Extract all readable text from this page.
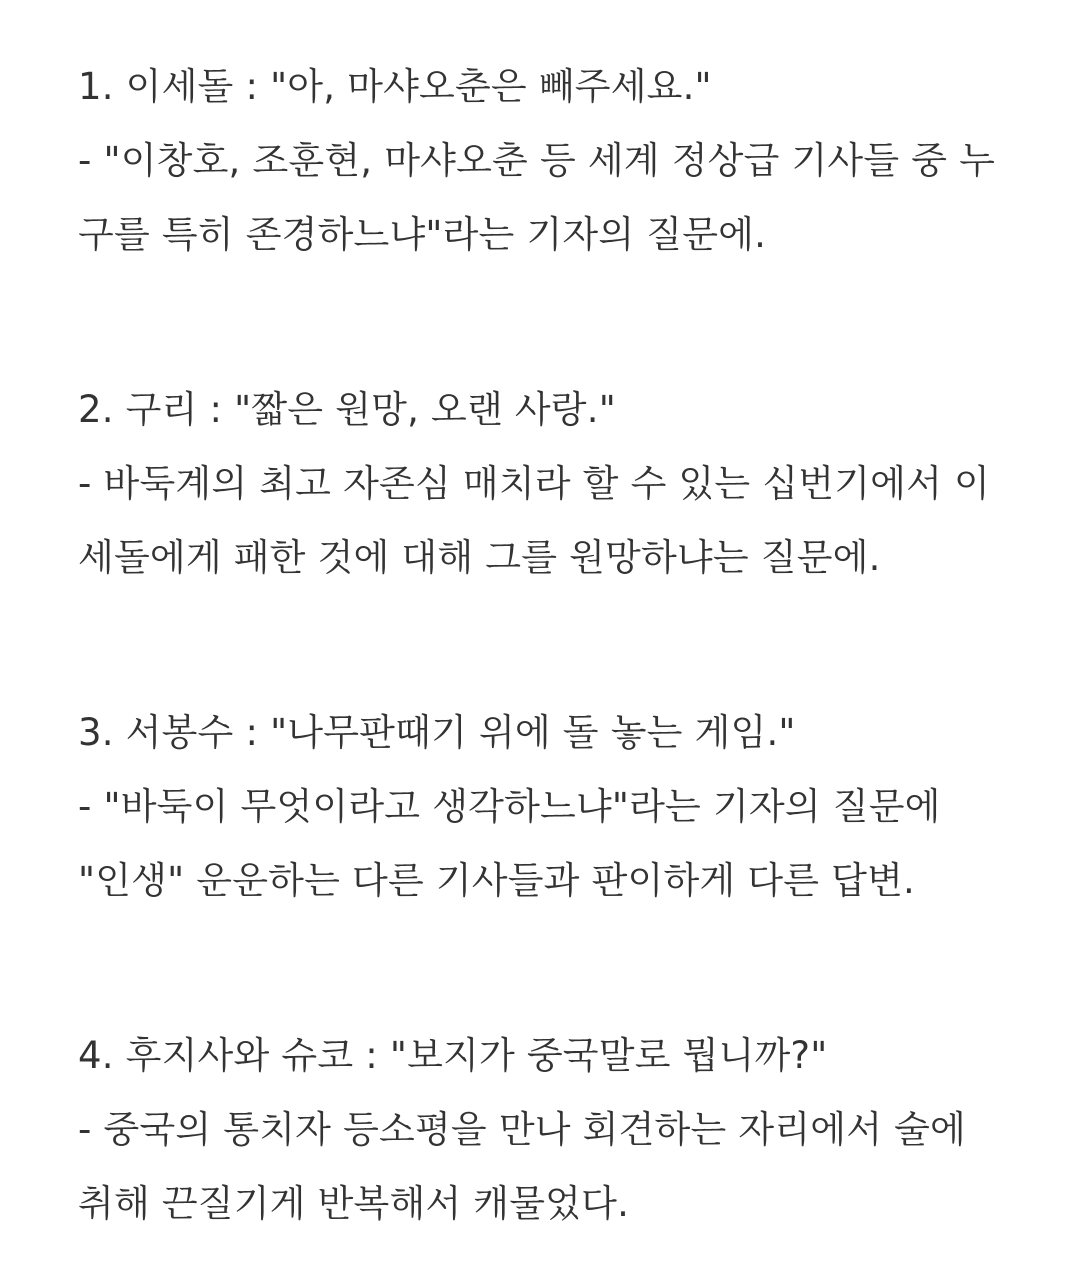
1. 이세돌 : "아, 마샤오춘은 빼주세요."
- "이창호, 조훈현, 마샤오춘 등 세계 정상급 기사들 중 누
구를 특히 존경하느냐"라는 기자의 질문에.
2. 구리 : "짧은 원망, 오랜 사랑."
- 바둑계의 최고 자존심 매치라 할 수 있는 십번기에서 이
세돌에게 패한 것에 대해 그를 원망하냐는 질문에.
3. 서봉수 : "나무판때기 위에 돌 놓는 게임."
- "바둑이 무엇이라고 생각하느냐"라는 기자의 질문에
"인생" 운운하는 다른 기사들과 판이하게 다른 답변.
4. 후지사와 슈코 : "보지가 중국말로 뭡니까?"
- 중국의 통치자 등소평을 만나 회견하는 자리에서 술에
취해 끈질기게 반복해서 캐물었다.
